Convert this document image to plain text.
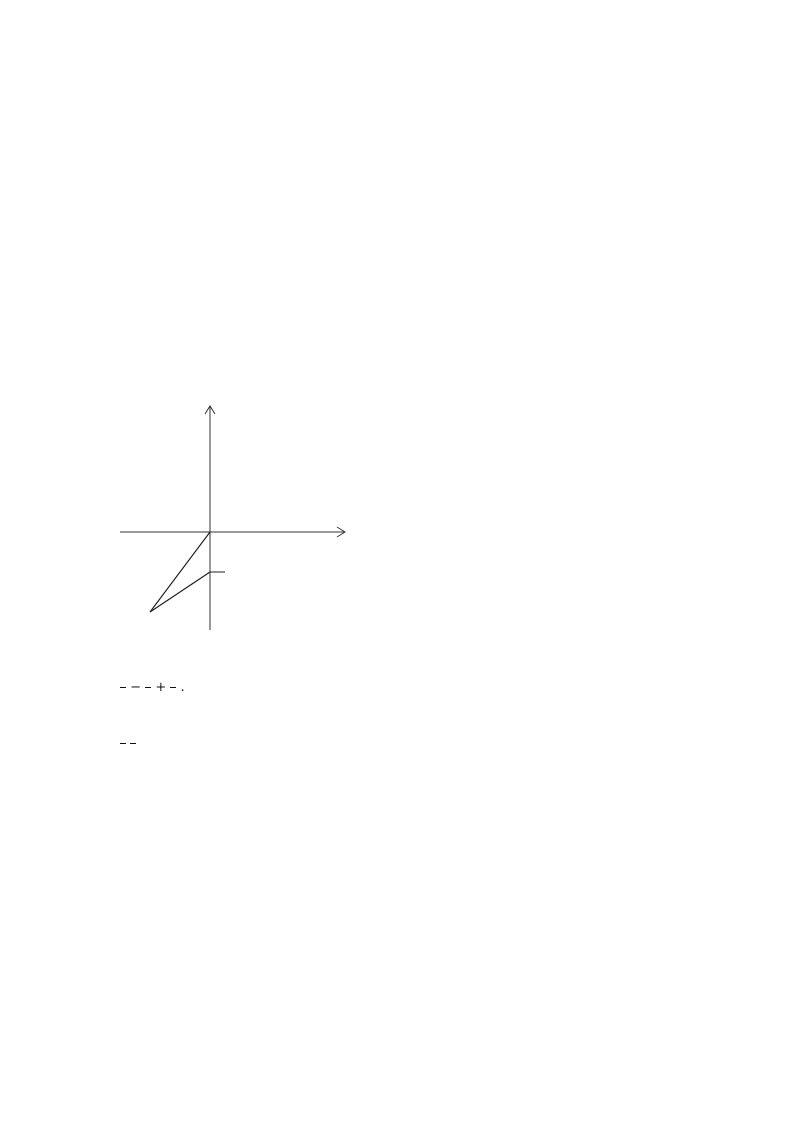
− + .
